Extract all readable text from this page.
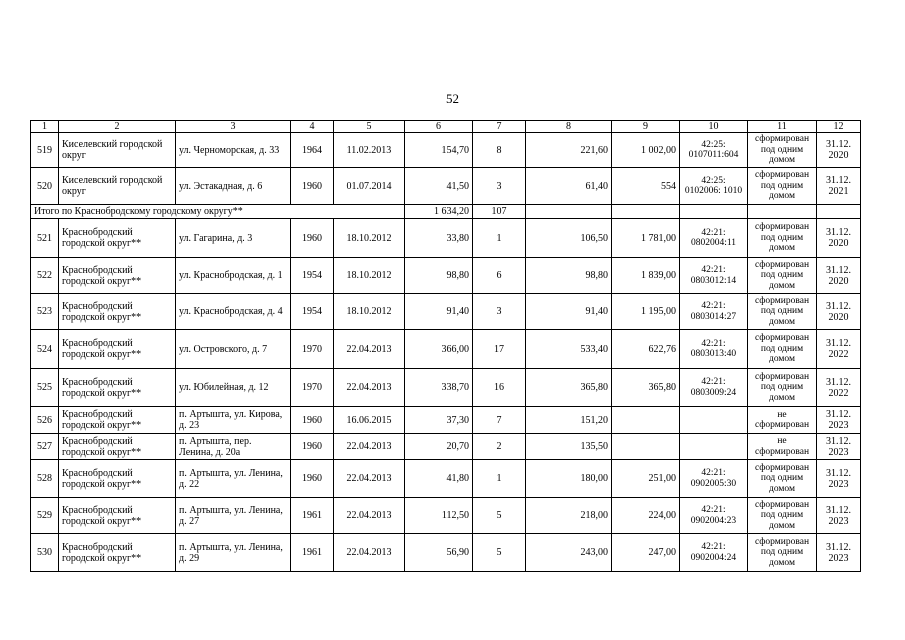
52
1	2	3	4	5	6	7	8	9	10	11	12
519	Киселевский городской округ	ул. Черноморская, д. 33	1964	11.02.2013	154,70	8	221,60	1 002,00	42:25: 0107011:604	сформирован под одним домом	31.12. 2020
520	Киселевский городской округ	ул. Эстакадная, д. 6	1960	01.07.2014	41,50	3	61,40	554	42:25: 0102006: 1010	сформирован под одним домом	31.12. 2021
Итого по Краснобродскому городскому округу**					1 634,20	107					
521	Краснобродский городской округ**	ул. Гагарина, д. 3	1960	18.10.2012	33,80	1	106,50	1 781,00	42:21: 0802004:11	сформирован под одним домом	31.12. 2020
522	Краснобродский городской округ**	ул. Краснобродская, д. 1	1954	18.10.2012	98,80	6	98,80	1 839,00	42:21: 0803012:14	сформирован под одним домом	31.12. 2020
523	Краснобродский городской округ**	ул. Краснобродская, д. 4	1954	18.10.2012	91,40	3	91,40	1 195,00	42:21: 0803014:27	сформирован под одним домом	31.12. 2020
524	Краснобродский городской округ**	ул. Островского, д. 7	1970	22.04.2013	366,00	17	533,40	622,76	42:21: 0803013:40	сформирован под одним домом	31.12. 2022
525	Краснобродский городской округ**	ул. Юбилейная, д. 12	1970	22.04.2013	338,70	16	365,80	365,80	42:21: 0803009:24	сформирован под одним домом	31.12. 2022
526	Краснобродский городской округ**	п. Артышта, ул. Кирова, д. 23	1960	16.06.2015	37,30	7	151,20			не сформирован	31.12. 2023
527	Краснобродский городской округ**	п. Артышта, пер. Ленина, д. 20а	1960	22.04.2013	20,70	2	135,50			не сформирован	31.12. 2023
528	Краснобродский городской округ**	п. Артышта, ул. Ленина, д. 22	1960	22.04.2013	41,80	1	180,00	251,00	42:21: 0902005:30	сформирован под одним домом	31.12. 2023
529	Краснобродский городской округ**	п. Артышта, ул. Ленина, д. 27	1961	22.04.2013	112,50	5	218,00	224,00	42:21: 0902004:23	сформирован под одним домом	31.12. 2023
530	Краснобродский городской округ**	п. Артышта, ул. Ленина, д. 29	1961	22.04.2013	56,90	5	243,00	247,00	42:21: 0902004:24	сформирован под одним домом	31.12. 2023
